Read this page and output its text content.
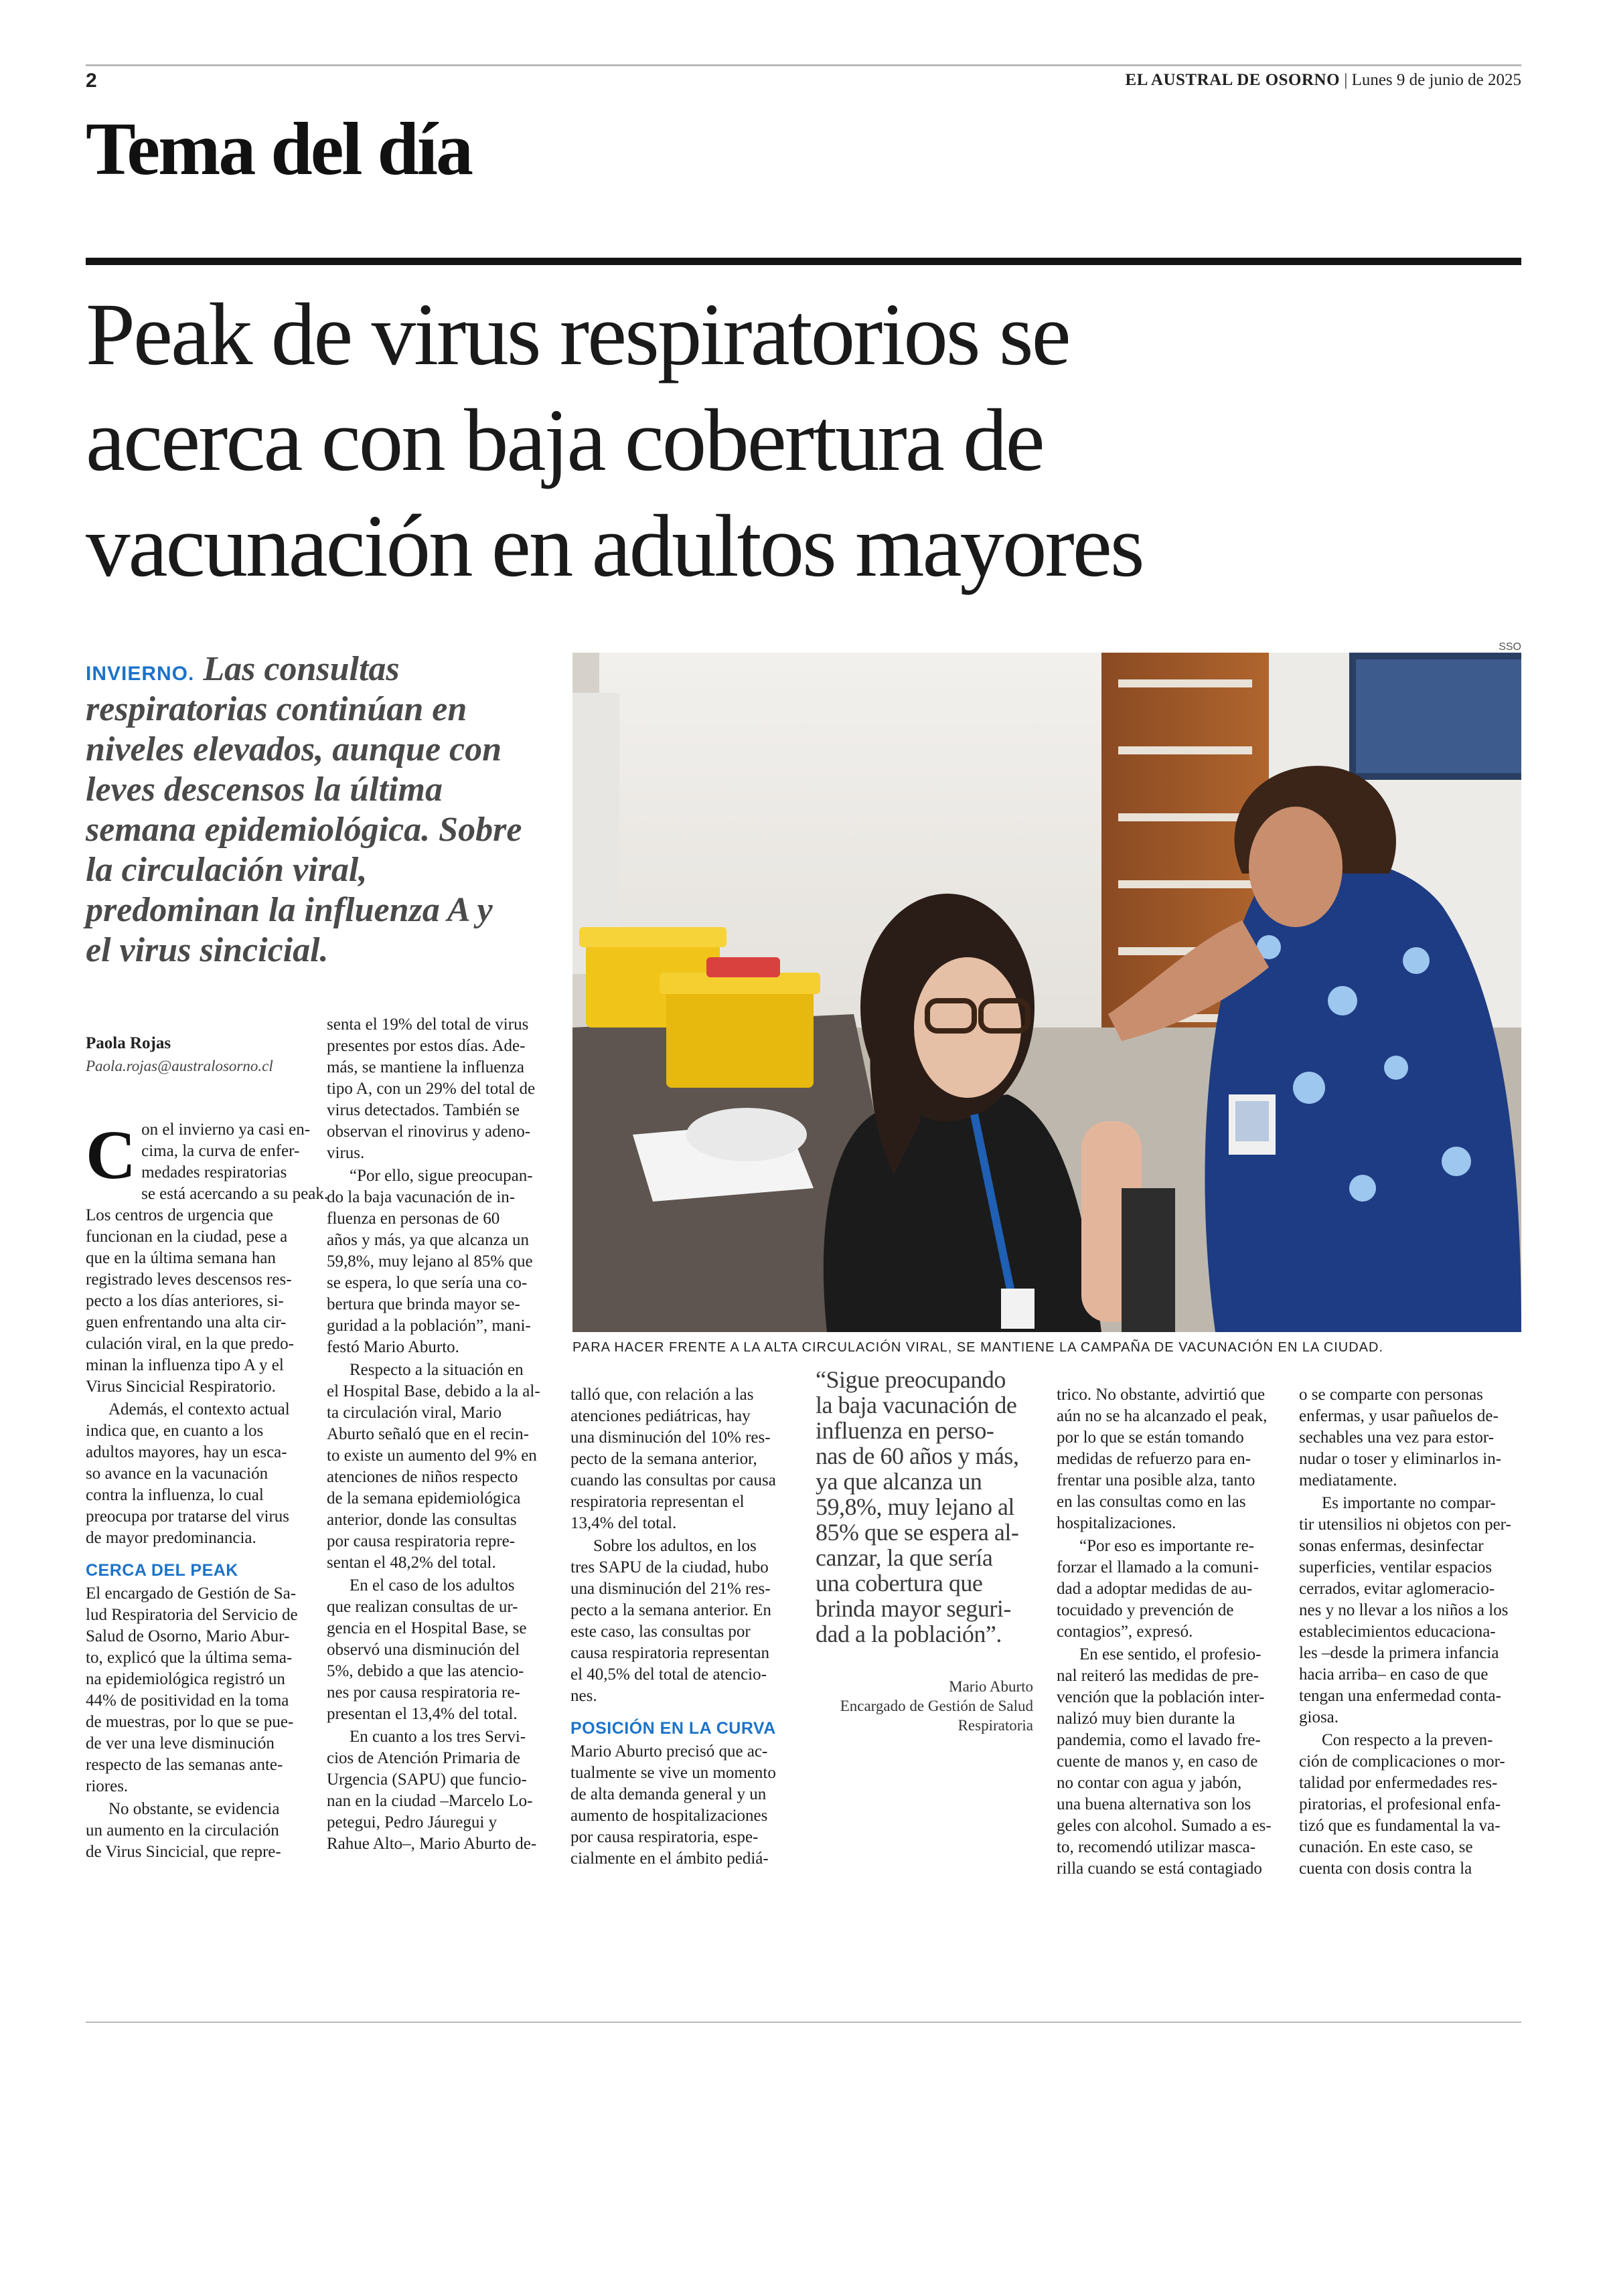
2	EL AUSTRAL DE OSORNO | Lunes 9 de junio de 2025
Tema del día
Peak de virus respiratorios se
acerca con baja cobertura de
vacunación en adultos mayores
INVIERNO. Las consultas
respiratorias continúan en
niveles elevados, aunque con
leves descensos la última
semana epidemiológica. Sobre
la circulación viral,
predominan la influenza A y
el virus sincicial.
SSO
PARA HACER FRENTE A LA ALTA CIRCULACIÓN VIRAL, SE MANTIENE LA CAMPAÑA DE VACUNACIÓN EN LA CIUDAD.
Paola Rojas
Paola.rojas@australosorno.cl

C on el invierno ya casi en-
cima, la curva de enfer-
medades respiratorias
se está acercando a su peak.
Los centros de urgencia que
funcionan en la ciudad, pese a
que en la última semana han
registrado leves descensos res-
pecto a los días anteriores, si-
guen enfrentando una alta cir-
culación viral, en la que predo-
minan la influenza tipo A y el
Virus Sincicial Respiratorio.

Además, el contexto actual
indica que, en cuanto a los
adultos mayores, hay un esca-
so avance en la vacunación
contra la influenza, lo cual
preocupa por tratarse del virus
de mayor predominancia.

CERCA DEL PEAK

El encargado de Gestión de Sa-
lud Respiratoria del Servicio de
Salud de Osorno, Mario Abur-
to, explicó que la última sema-
na epidemiológica registró un
44% de positividad en la toma
de muestras, por lo que se pue-
de ver una leve disminución
respecto de las semanas ante-
riores.

No obstante, se evidencia
un aumento en la circulación
de Virus Sincicial, que repre-

senta el 19% del total de virus
presentes por estos días. Ade-
más, se mantiene la influenza
tipo A, con un 29% del total de
virus detectados. También se
observan el rinovirus y adeno-
virus.

“Por ello, sigue preocupan-
do la baja vacunación de in-
fluenza en personas de 60
años y más, ya que alcanza un
59,8%, muy lejano al 85% que
se espera, lo que sería una co-
bertura que brinda mayor se-
guridad a la población”, mani-
festó Mario Aburto.

Respecto a la situación en
el Hospital Base, debido a la al-
ta circulación viral, Mario
Aburto señaló que en el recin-
to existe un aumento del 9% en
atenciones de niños respecto
de la semana epidemiológica
anterior, donde las consultas
por causa respiratoria repre-
sentan el 48,2% del total.

En el caso de los adultos
que realizan consultas de ur-
gencia en el Hospital Base, se
observó una disminución del
5%, debido a que las atencio-
nes por causa respiratoria re-
presentan el 13,4% del total.

En cuanto a los tres Servi-
cios de Atención Primaria de
Urgencia (SAPU) que funcio-
nan en la ciudad –Marcelo Lo-
petegui, Pedro Jáuregui y
Rahue Alto–, Mario Aburto de-

talló que, con relación a las
atenciones pediátricas, hay
una disminución del 10% res-
pecto de la semana anterior,
cuando las consultas por causa
respiratoria representan el
13,4% del total.

Sobre los adultos, en los
tres SAPU de la ciudad, hubo
una disminución del 21% res-
pecto a la semana anterior. En
este caso, las consultas por
causa respiratoria representan
el 40,5% del total de atencio-
nes.

POSICIÓN EN LA CURVA

Mario Aburto precisó que ac-
tualmente se vive un momento
de alta demanda general y un
aumento de hospitalizaciones
por causa respiratoria, espe-
cialmente en el ámbito pediá-

“Sigue preocupando
la baja vacunación de
influenza en perso-
nas de 60 años y más,
ya que alcanza un
59,8%, muy lejano al
85% que se espera al-
canzar, la que sería
una cobertura que
brinda mayor seguri-
dad a la población”.
Mario Aburto
Encargado de Gestión de Salud
Respiratoria

trico. No obstante, advirtió que
aún no se ha alcanzado el peak,
por lo que se están tomando
medidas de refuerzo para en-
frentar una posible alza, tanto
en las consultas como en las
hospitalizaciones.

“Por eso es importante re-
forzar el llamado a la comuni-
dad a adoptar medidas de au-
tocuidado y prevención de
contagios”, expresó.

En ese sentido, el profesio-
nal reiteró las medidas de pre-
vención que la población inter-
nalizó muy bien durante la
pandemia, como el lavado fre-
cuente de manos y, en caso de
no contar con agua y jabón,
una buena alternativa son los
geles con alcohol. Sumado a es-
to, recomendó utilizar masca-
rilla cuando se está contagiado

o se comparte con personas
enfermas, y usar pañuelos de-
sechables una vez para estor-
nudar o toser y eliminarlos in-
mediatamente.

Es importante no compar-
tir utensilios ni objetos con per-
sonas enfermas, desinfectar
superficies, ventilar espacios
cerrados, evitar aglomeracio-
nes y no llevar a los niños a los
establecimientos educaciona-
les –desde la primera infancia
hacia arriba– en caso de que
tengan una enfermedad conta-
giosa.

Con respecto a la preven-
ción de complicaciones o mor-
talidad por enfermedades res-
piratorias, el profesional enfa-
tizó que es fundamental la va-
cunación. En este caso, se
cuenta con dosis contra la
